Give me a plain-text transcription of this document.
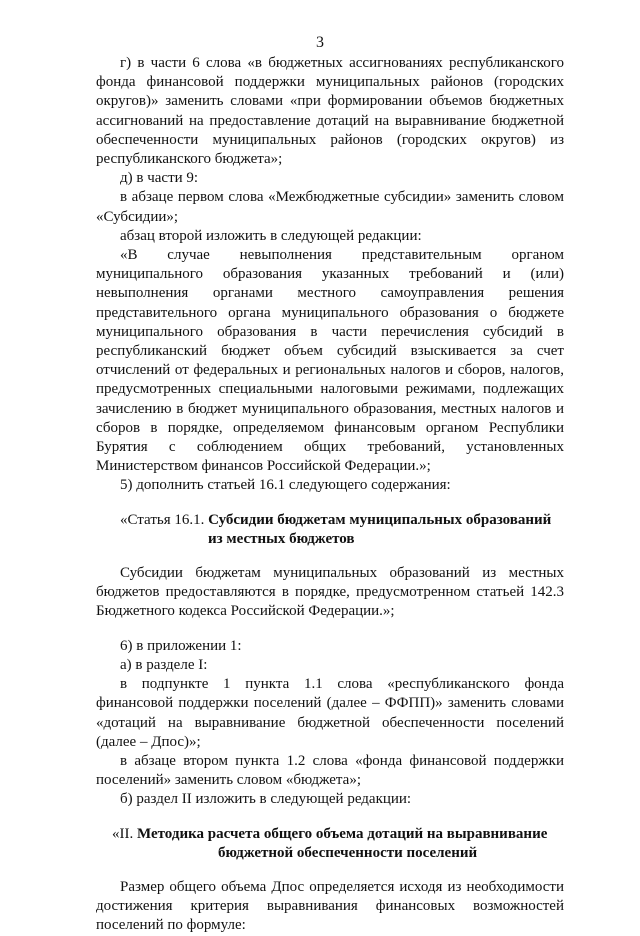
3

г) в части 6 слова «в бюджетных ассигнованиях республиканского фонда финансовой поддержки муниципальных районов (городских округов)» заменить словами «при формировании объемов бюджетных ассигнований на предоставление дотаций на выравнивание бюджетной обеспеченности муниципальных районов (городских округов) из республиканского бюджета»;

д) в части 9:

в абзаце первом слова «Межбюджетные субсидии» заменить словом «Субсидии»;

абзац второй изложить в следующей редакции:

«В случае невыполнения представительным органом муниципального образования указанных требований и (или) невыполнения органами местного самоуправления решения представительного органа муниципального образования о бюджете муниципального образования в части перечисления субсидий в республиканский бюджет объем субсидий взыскивается за счет отчислений от федеральных и региональных налогов и сборов, налогов, предусмотренных специальными налоговыми режимами, подлежащих зачислению в бюджет муниципального образования, местных налогов и сборов в порядке, определяемом финансовым органом Республики Бурятия с соблюдением общих требований, установленных Министерством финансов Российской Федерации.»;

5) дополнить статьей 16.1 следующего содержания:

«Статья 16.1. Субсидии бюджетам муниципальных образований
из местных бюджетов

Субсидии бюджетам муниципальных образований из местных бюджетов предоставляются в порядке, предусмотренном статьей 142.3 Бюджетного кодекса Российской Федерации.»;

6) в приложении 1:

а) в разделе I:

в подпункте 1 пункта 1.1 слова «республиканского фонда финансовой поддержки поселений (далее – ФФПП)» заменить словами «дотаций на выравнивание бюджетной обеспеченности поселений (далее – Дпос)»;

в абзаце втором пункта 1.2 слова «фонда финансовой поддержки поселений» заменить словом «бюджета»;

б) раздел II изложить в следующей редакции:

«II. Методика расчета общего объема дотаций на выравнивание
бюджетной обеспеченности поселений

Размер общего объема Дпос определяется исходя из необходимости достижения критерия выравнивания финансовых возможностей поселений по формуле:
